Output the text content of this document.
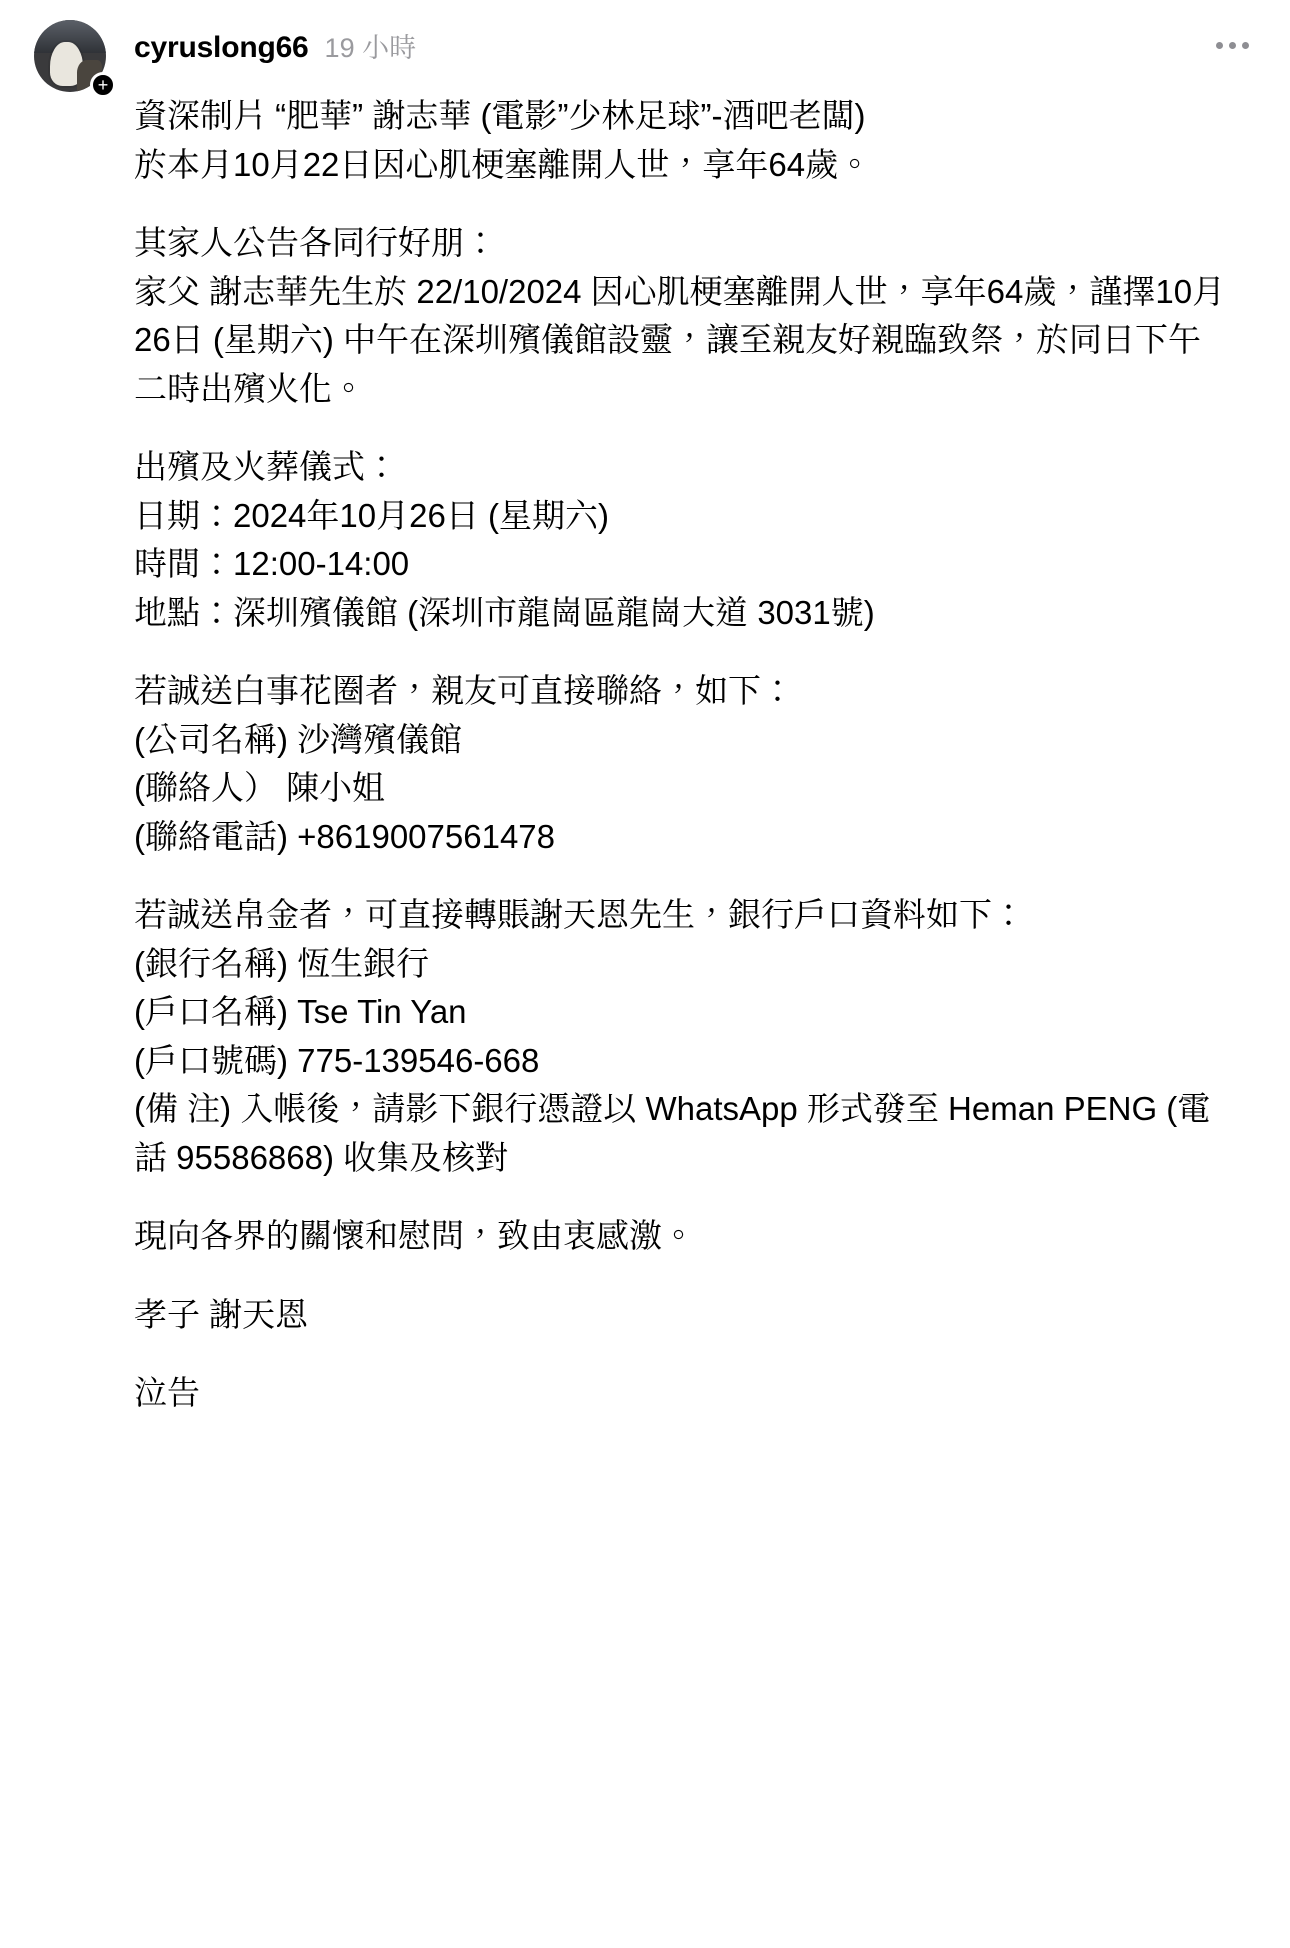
+
cyruslong66 19 小時

資深制片 “肥華” 謝志華 (電影”少林足球”-酒吧老闆)
於本月10月22日因心肌梗塞離開人世，享年64歲。

其家人公告各同行好朋：
家父 謝志華先生於 22/10/2024 因心肌梗塞離開人世，享年64歲，謹擇10月26日 (星期六) 中午在深圳殯儀館設靈，讓至親友好親臨致祭，於同日下午二時出殯火化。

出殯及火葬儀式：
日期：2024年10月26日 (星期六)
時間：12:00-14:00
地點：深圳殯儀館 (深圳市龍崗區龍崗大道 3031號)

若誠送白事花圈者，親友可直接聯絡，如下：
(公司名稱) 沙灣殯儀館
(聯絡人） 陳小姐
(聯絡電話) +8619007561478

若誠送帛金者，可直接轉賬謝天恩先生，銀行戶口資料如下：
(銀行名稱) 恆生銀行
(戶口名稱) Tse Tin Yan
(戶口號碼) 775-139546-668
(備 注) 入帳後，請影下銀行憑證以 WhatsApp 形式發至 Heman PENG (電話 95586868) 收集及核對

現向各界的關懷和慰問，致由衷感激。

孝子 謝天恩

泣告
